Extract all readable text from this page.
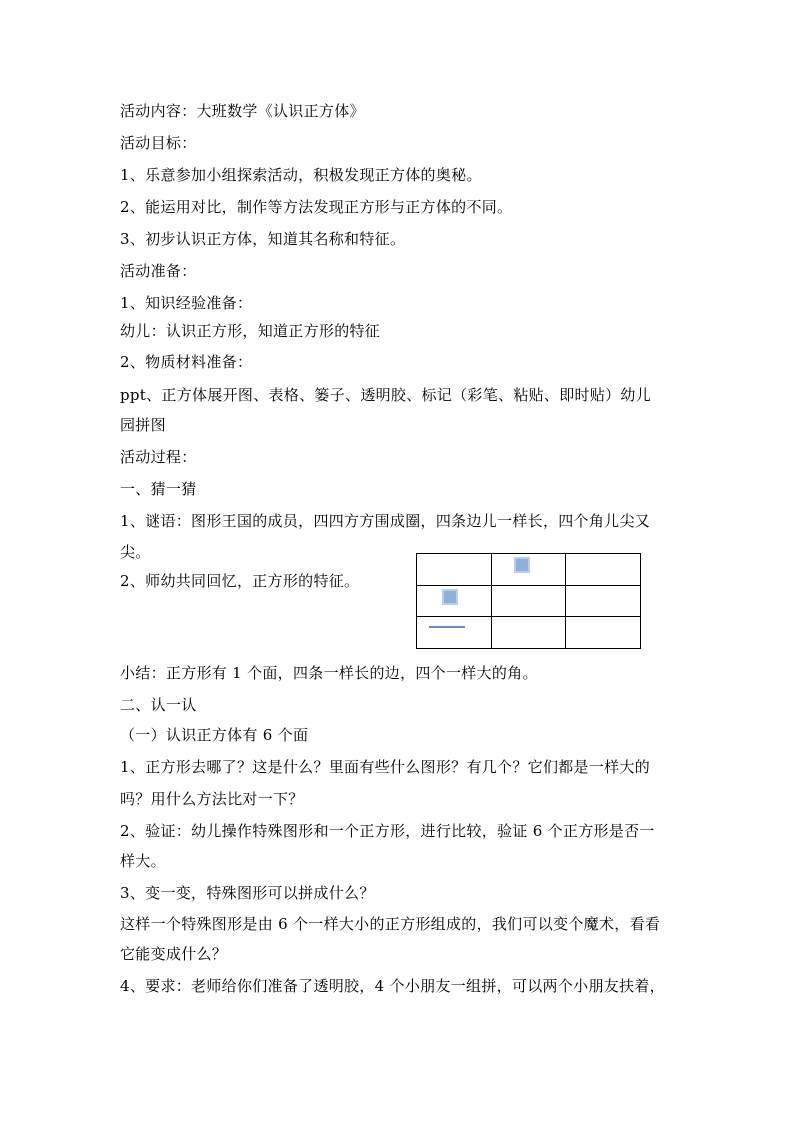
活动内容：大班数学《认识正方体》
活动目标：
1、乐意参加小组探索活动，积极发现正方体的奥秘。
2、能运用对比，制作等方法发现正方形与正方体的不同。
3、初步认识正方体，知道其名称和特征。
活动准备：
1、知识经验准备：
幼儿：认识正方形，知道正方形的特征
2、物质材料准备：
ppt、正方体展开图、表格、篓子、透明胶、标记（彩笔、粘贴、即时贴）幼儿
园拼图
活动过程：
一、猜一猜
1、谜语：图形王国的成员，四四方方围成圈，四条边儿一样长，四个角儿尖又
尖。
2、师幼共同回忆，正方形的特征。

小结：正方形有 1 个面，四条一样长的边，四个一样大的角。
二、认一认
（一）认识正方体有 6 个面
1、正方形去哪了？这是什么？里面有些什么图形？有几个？它们都是一样大的
吗？用什么方法比对一下？
2、验证：幼儿操作特殊图形和一个正方形，进行比较，验证 6 个正方形是否一
样大。
3、变一变，特殊图形可以拼成什么？
这样一个特殊图形是由 6 个一样大小的正方形组成的，我们可以变个魔术，看看
它能变成什么？
4、要求：老师给你们准备了透明胶，4 个小朋友一组拼，可以两个小朋友扶着，
